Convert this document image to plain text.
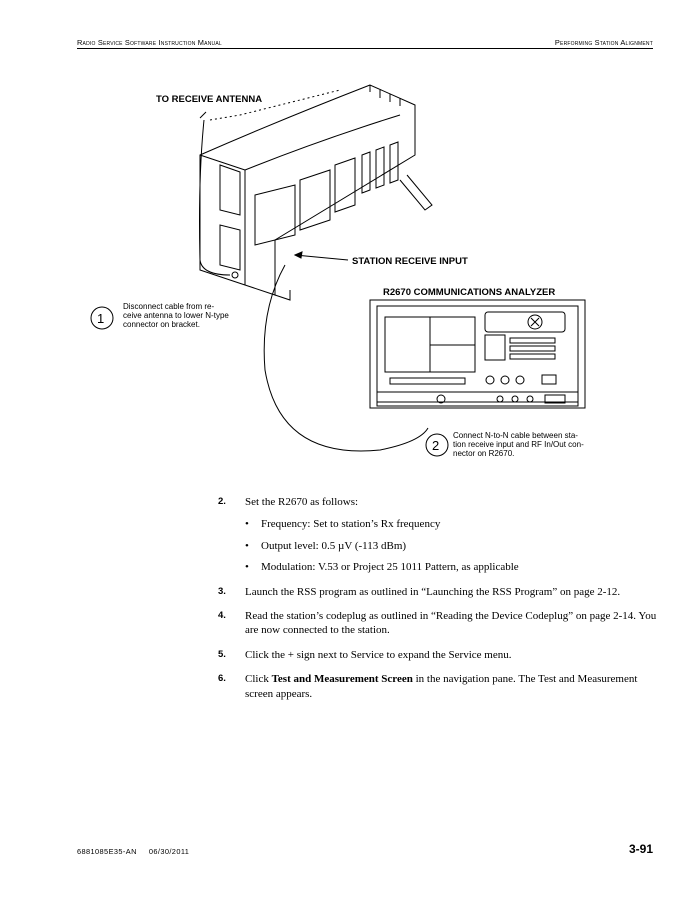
Radio Service Software Instruction Manual	Performing Station Alignment
TO RECEIVE ANTENNA
STATION RECEIVE INPUT
R2670 COMMUNICATIONS ANALYZER
1
2
Disconnect cable from re-
ceive antenna to lower N-type
connector on bracket.
Connect N-to-N cable between sta-
tion receive input and RF In/Out con-
nector on R2670.
2. Set the R2670 as follows:
• Frequency: Set to station’s Rx frequency
• Output level: 0.5 µV (-113 dBm)
• Modulation: V.53 or Project 25 1011 Pattern, as applicable
3. Launch the RSS program as outlined in “Launching the RSS Program” on page 2-12.
4. Read the station’s codeplug as outlined in “Reading the Device Codeplug” on page 2-14. You are now connected to the station.
5. Click the + sign next to Service to expand the Service menu.
6. Click Test and Measurement Screen in the navigation pane. The Test and Measurement screen appears.
6881085E35-AN 06/30/2011	3-91
